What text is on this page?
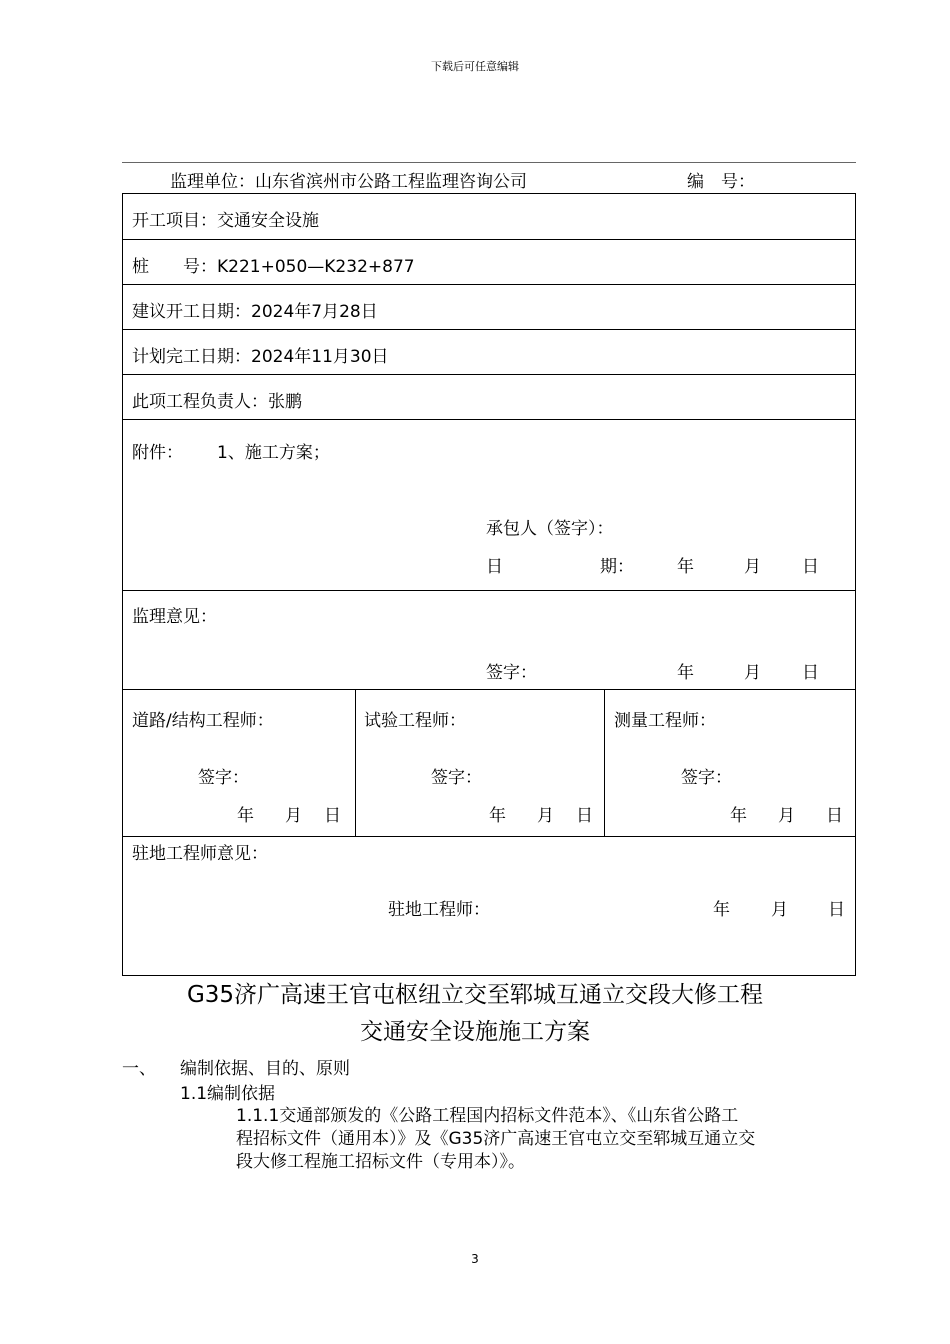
下载后可任意编辑
监理单位：山东省滨州市公路工程监理咨询公司	编　号：
开工项目：交通安全设施
桩　　号：K221+050—K232+877
建议开工日期：2024年7月28日
计划完工日期：2024年11月30日
此项工程负责人：张鹏
附件： 1、施工方案；
承包人（签字）：
日	期：	年	月 日
监理意见：
签字：	年	月 日
道路/结构工程师：
签字：
年 月 日
试验工程师：
签字：
年 月 日
测量工程师：
签字：
年 月 日
驻地工程师意见：
驻地工程师：	年 月 日
G35济广高速王官屯枢纽立交至郓城互通立交段大修工程
交通安全设施施工方案
一、 编制依据、目的、原则
1.1编制依据
1.1.1交通部颁发的《公路工程国内招标文件范本》、《山东省公路工
程招标文件（通用本）》及《G35济广高速王官屯立交至郓城互通立交
段大修工程施工招标文件（专用本）》。
3
